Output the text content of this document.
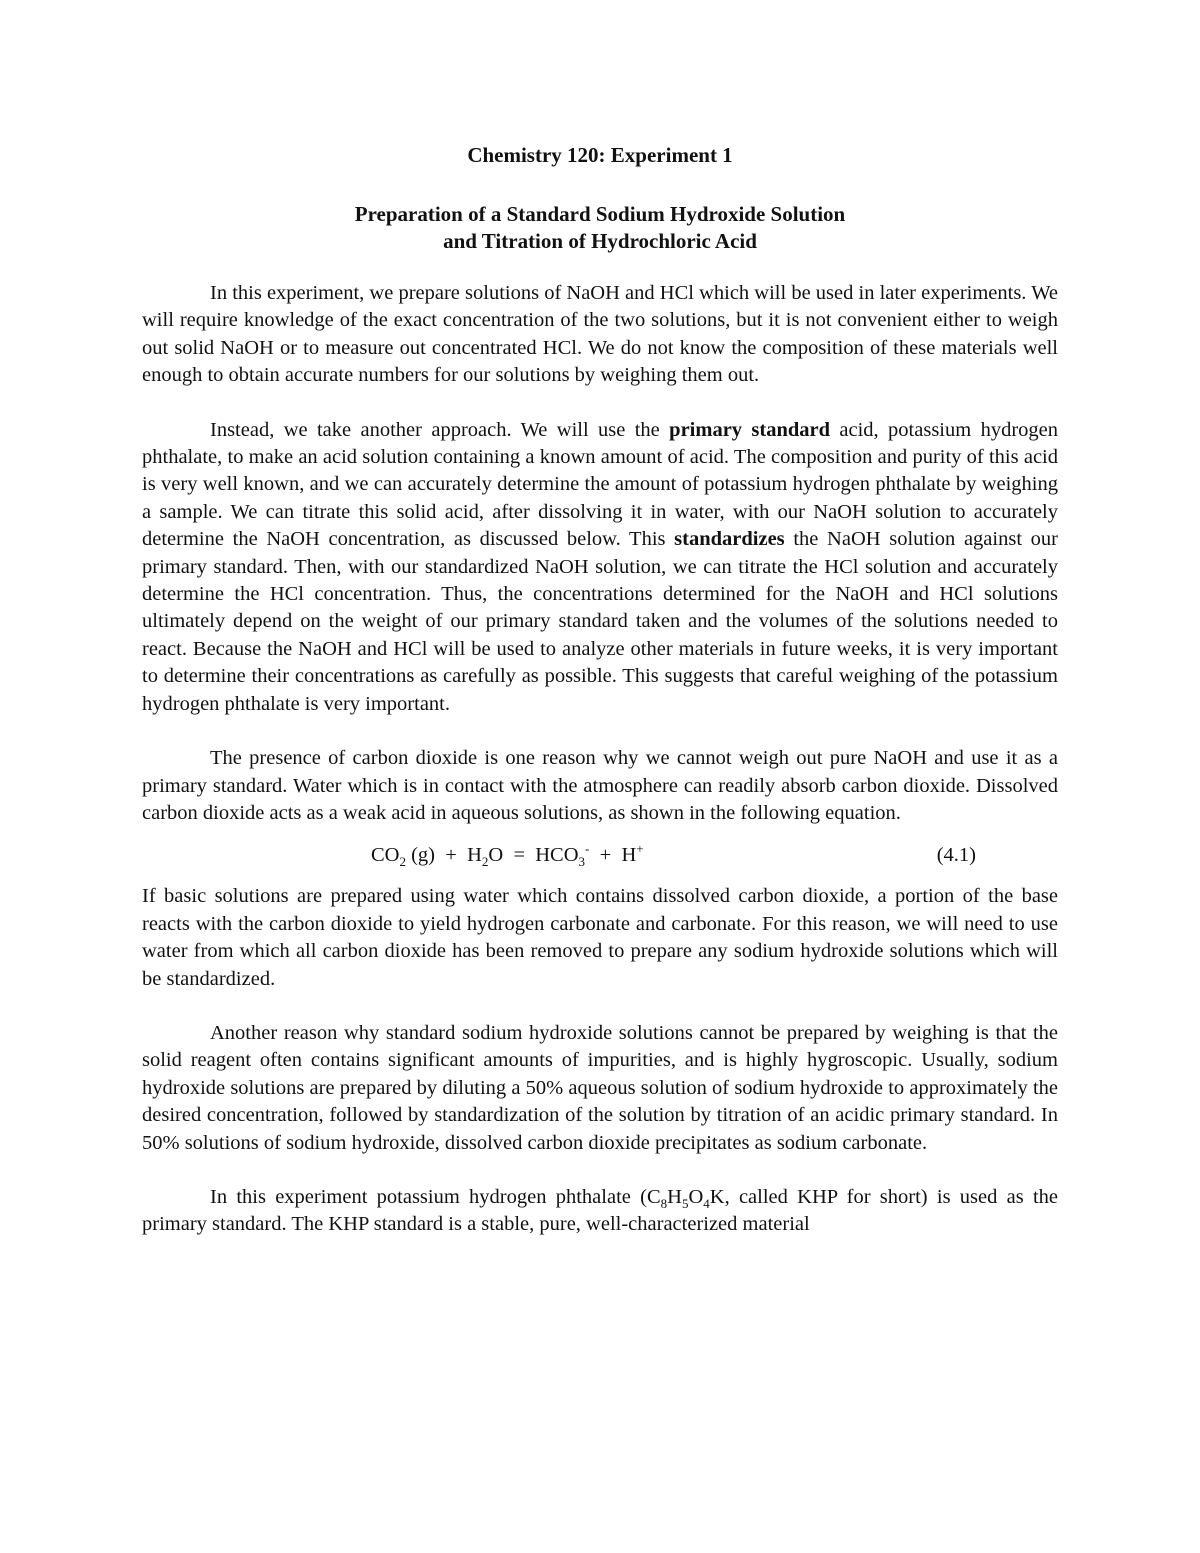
Chemistry 120: Experiment 1
Preparation of a Standard Sodium Hydroxide Solution
and Titration of Hydrochloric Acid

In this experiment, we prepare solutions of NaOH and HCl which will be used in later experiments. We will require knowledge of the exact concentration of the two solutions, but it is not convenient either to weigh out solid NaOH or to measure out concentrated HCl. We do not know the composition of these materials well enough to obtain accurate numbers for our solutions by weighing them out.

Instead, we take another approach. We will use the primary standard acid, potassium hydrogen phthalate, to make an acid solution containing a known amount of acid. The composition and purity of this acid is very well known, and we can accurately determine the amount of potassium hydrogen phthalate by weighing a sample. We can titrate this solid acid, after dissolving it in water, with our NaOH solution to accurately determine the NaOH concentration, as discussed below. This standardizes the NaOH solution against our primary standard. Then, with our standardized NaOH solution, we can titrate the HCl solution and accurately determine the HCl concentration. Thus, the concentrations determined for the NaOH and HCl solutions ultimately depend on the weight of our primary standard taken and the volumes of the solutions needed to react. Because the NaOH and HCl will be used to analyze other materials in future weeks, it is very important to determine their concentrations as carefully as possible. This suggests that careful weighing of the potassium hydrogen phthalate is very important.

The presence of carbon dioxide is one reason why we cannot weigh out pure NaOH and use it as a primary standard. Water which is in contact with the atmosphere can readily absorb carbon dioxide. Dissolved carbon dioxide acts as a weak acid in aqueous solutions, as shown in the following equation.

$CO_2$ $(g) + H_2O = HCO_3^- + H^+$	(4.1)

If basic solutions are prepared using water which contains dissolved carbon dioxide, a portion of the base reacts with the carbon dioxide to yield hydrogen carbonate and carbonate. For this reason, we will need to use water from which all carbon dioxide has been removed to prepare any sodium hydroxide solutions which will be standardized.

Another reason why standard sodium hydroxide solutions cannot be prepared by weighing is that the solid reagent often contains significant amounts of impurities, and is highly hygroscopic. Usually, sodium hydroxide solutions are prepared by diluting a 50% aqueous solution of sodium hydroxide to approximately the desired concentration, followed by standardization of the solution by titration of an acidic primary standard. In 50% solutions of sodium hydroxide, dissolved carbon dioxide precipitates as sodium carbonate.

In this experiment potassium hydrogen phthalate ($C_8H_5O_4K$, called KHP for short) is used as the primary standard. The KHP standard is a stable, pure, well-characterized material
